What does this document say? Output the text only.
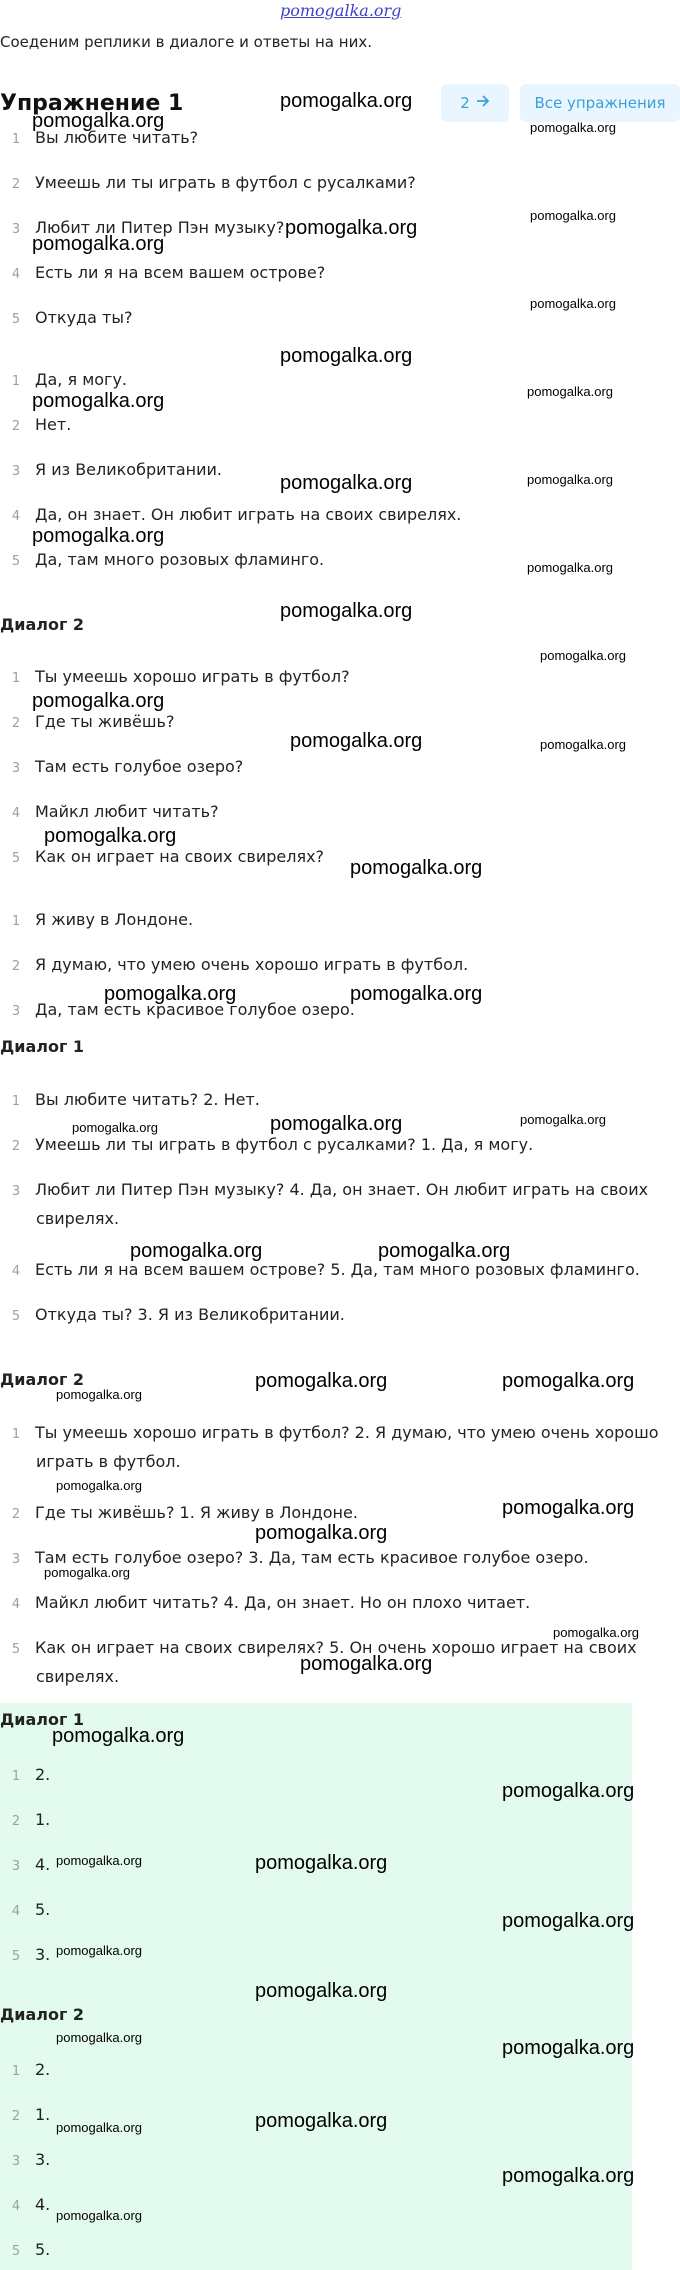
pomogalka.org
Соеденим реплики в диалоге и ответы на них.
Упражнение 1	2	Все упражнения
1 Вы любите читать?
2 Умеешь ли ты играть в футбол с русалками?
3 Любит ли Питер Пэн музыку?
4 Есть ли я на всем вашем острове?
5 Откуда ты?
1 Да, я могу.
2 Нет.
3 Я из Великобритании.
4 Да, он знает. Он любит играть на своих свирелях.
5 Да, там много розовых фламинго.
Диалог 2
1 Ты умеешь хорошо играть в футбол?
2 Где ты живёшь?
3 Там есть голубое озеро?
4 Майкл любит читать?
5 Как он играет на своих свирелях?
1 Я живу в Лондоне.
2 Я думаю, что умею очень хорошо играть в футбол.
3 Да, там есть красивое голубое озеро.
Диалог 1
1 Вы любите читать? 2. Нет.
2 Умеешь ли ты играть в футбол с русалками? 1. Да, я могу.
3 Любит ли Питер Пэн музыку? 4. Да, он знает. Он любит играть на своих
свирелях.
4 Есть ли я на всем вашем острове? 5. Да, там много розовых фламинго.
5 Откуда ты? 3. Я из Великобритании.
Диалог 2
1 Ты умеешь хорошо играть в футбол? 2. Я думаю, что умею очень хорошо
играть в футбол.
2 Где ты живёшь? 1. Я живу в Лондоне.
3 Там есть голубое озеро? 3. Да, там есть красивое голубое озеро.
4 Майкл любит читать? 4. Да, он знает. Но он плохо читает.
5 Как он играет на своих свирелях? 5. Он очень хорошо играет на своих
свирелях.
Диалог 1
1 2.
2 1.
3 4.
4 5.
5 3.
Диалог 2
1 2.
2 1.
3 3.
4 4.
5 5.
pomogalka.org
pomogalka.org	pomogalka.org
pomogalka.org
pomogalka.org
pomogalka.org
pomogalka.org
pomogalka.org
pomogalka.org	pomogalka.org
pomogalka.org	pomogalka.org
pomogalka.org
pomogalka.org
pomogalka.org
pomogalka.org
pomogalka.org
pomogalka.org
pomogalka.org
pomogalka.org
pomogalka.org
pomogalka.org	pomogalka.org
pomogalka.org	pomogalka.org	pomogalka.org
pomogalka.org	pomogalka.org
pomogalka.org	pomogalka.org
pomogalka.org
pomogalka.org
pomogalka.org
pomogalka.org
pomogalka.org
pomogalka.org
pomogalka.org
pomogalka.org
pomogalka.org
pomogalka.org	pomogalka.org
pomogalka.org
pomogalka.org
pomogalka.org
pomogalka.org	pomogalka.org
pomogalka.org	pomogalka.org
pomogalka.org
pomogalka.org
